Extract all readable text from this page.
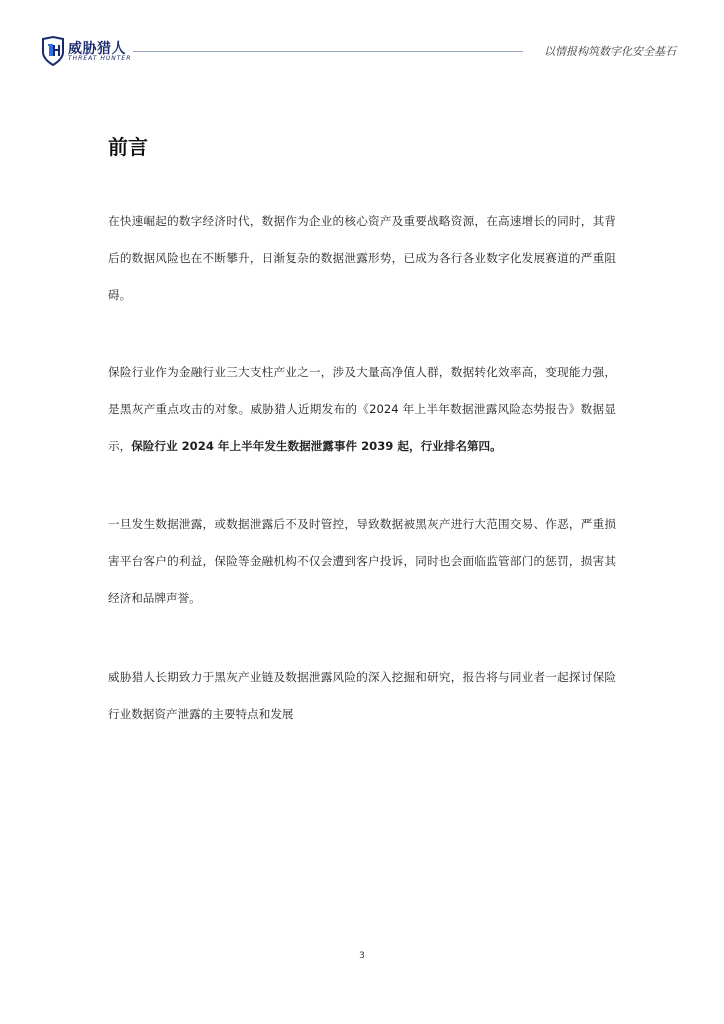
威胁猎人
THREAT HUNTER
以情报构筑数字化安全基石
前言

在快速崛起的数字经济时代，数据作为企业的核心资产及重要战略资源，在高速增长的同时，其背后的数据风险也在不断攀升，日渐复杂的数据泄露形势，已成为各行各业数字化发展赛道的严重阻碍。

保险行业作为金融行业三大支柱产业之一，涉及大量高净值人群，数据转化效率高，变现能力强，是黑灰产重点攻击的对象。威胁猎人近期发布的《2024 年上半年数据泄露风险态势报告》数据显示，保险行业 2024 年上半年发生数据泄露事件 2039 起，行业排名第四。

一旦发生数据泄露，或数据泄露后不及时管控，导致数据被黑灰产进行大范围交易、作恶，严重损害平台客户的利益，保险等金融机构不仅会遭到客户投诉，同时也会面临监管部门的惩罚，损害其经济和品牌声誉。

威胁猎人长期致力于黑灰产业链及数据泄露风险的深入挖掘和研究，报告将与同业者一起探讨保险行业数据资产泄露的主要特点和发展

3
